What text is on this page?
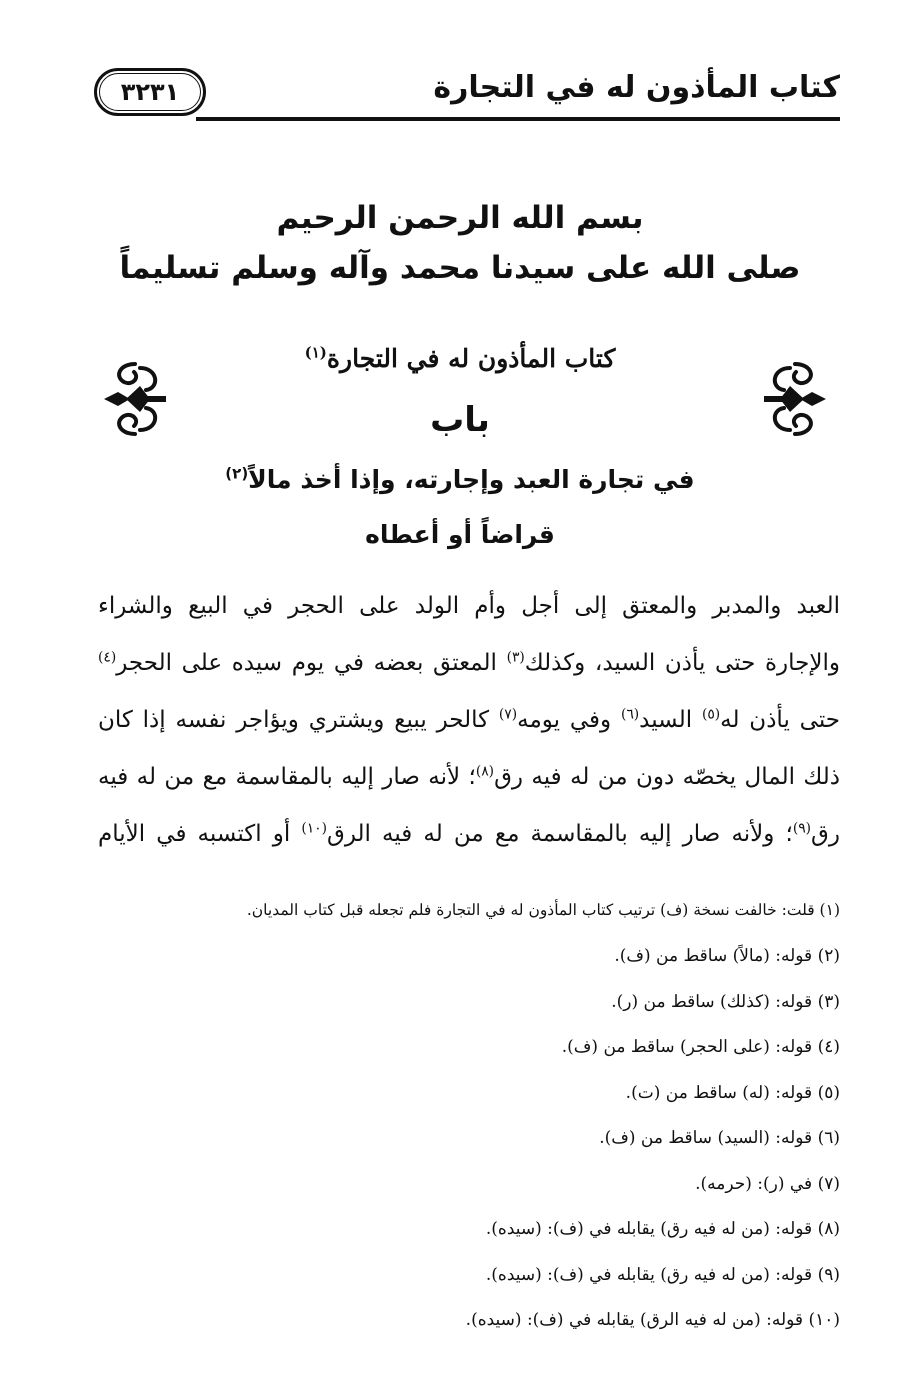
كتاب المأذون له في التجارة
٣٢٣١
بسم الله الرحمن الرحيم
صلى الله على سيدنا محمد وآله وسلم تسليماً
كتاب المأذون له في التجارة$^{(١)}$
باب
في تجارة العبد وإجارته، وإذا أخذ مالاً$^{(٢)}$
قراضاً أو أعطاه
العبد والمدبر والمعتق إلى أجل وأم الولد على الحجر في البيع والشراء
والإجارة حتى يأذن السيد، وكذلك$^{(٣)}$ المعتق بعضه في يوم سيده على الحجر$^{(٤)}$
حتى يأذن له$^{(٥)}$ السيد$^{(٦)}$ وفي يومه$^{(٧)}$ كالحر يبيع ويشتري ويؤاجر نفسه إذا كان
ذلك المال يخصّه دون من له فيه رق$^{(٨)}$؛ لأنه صار إليه بالمقاسمة مع من له فيه
رق$^{(٩)}$؛ ولأنه صار إليه بالمقاسمة مع من له فيه الرق$^{(١٠)}$ أو اكتسبه في الأيام
(١) قلت: خالفت نسخة (ف) ترتيب كتاب المأذون له في التجارة فلم تجعله قبل كتاب المديان.
(٢) قوله: (مالاً) ساقط من (ف).
(٣) قوله: (كذلك) ساقط من (ر).
(٤) قوله: (على الحجر) ساقط من (ف).
(٥) قوله: (له) ساقط من (ت).
(٦) قوله: (السيد) ساقط من (ف).
(٧) في (ر): (حرمه).
(٨) قوله: (من له فيه رق) يقابله في (ف): (سيده).
(٩) قوله: (من له فيه رق) يقابله في (ف): (سيده).
(١٠) قوله: (من له فيه الرق) يقابله في (ف): (سيده).
